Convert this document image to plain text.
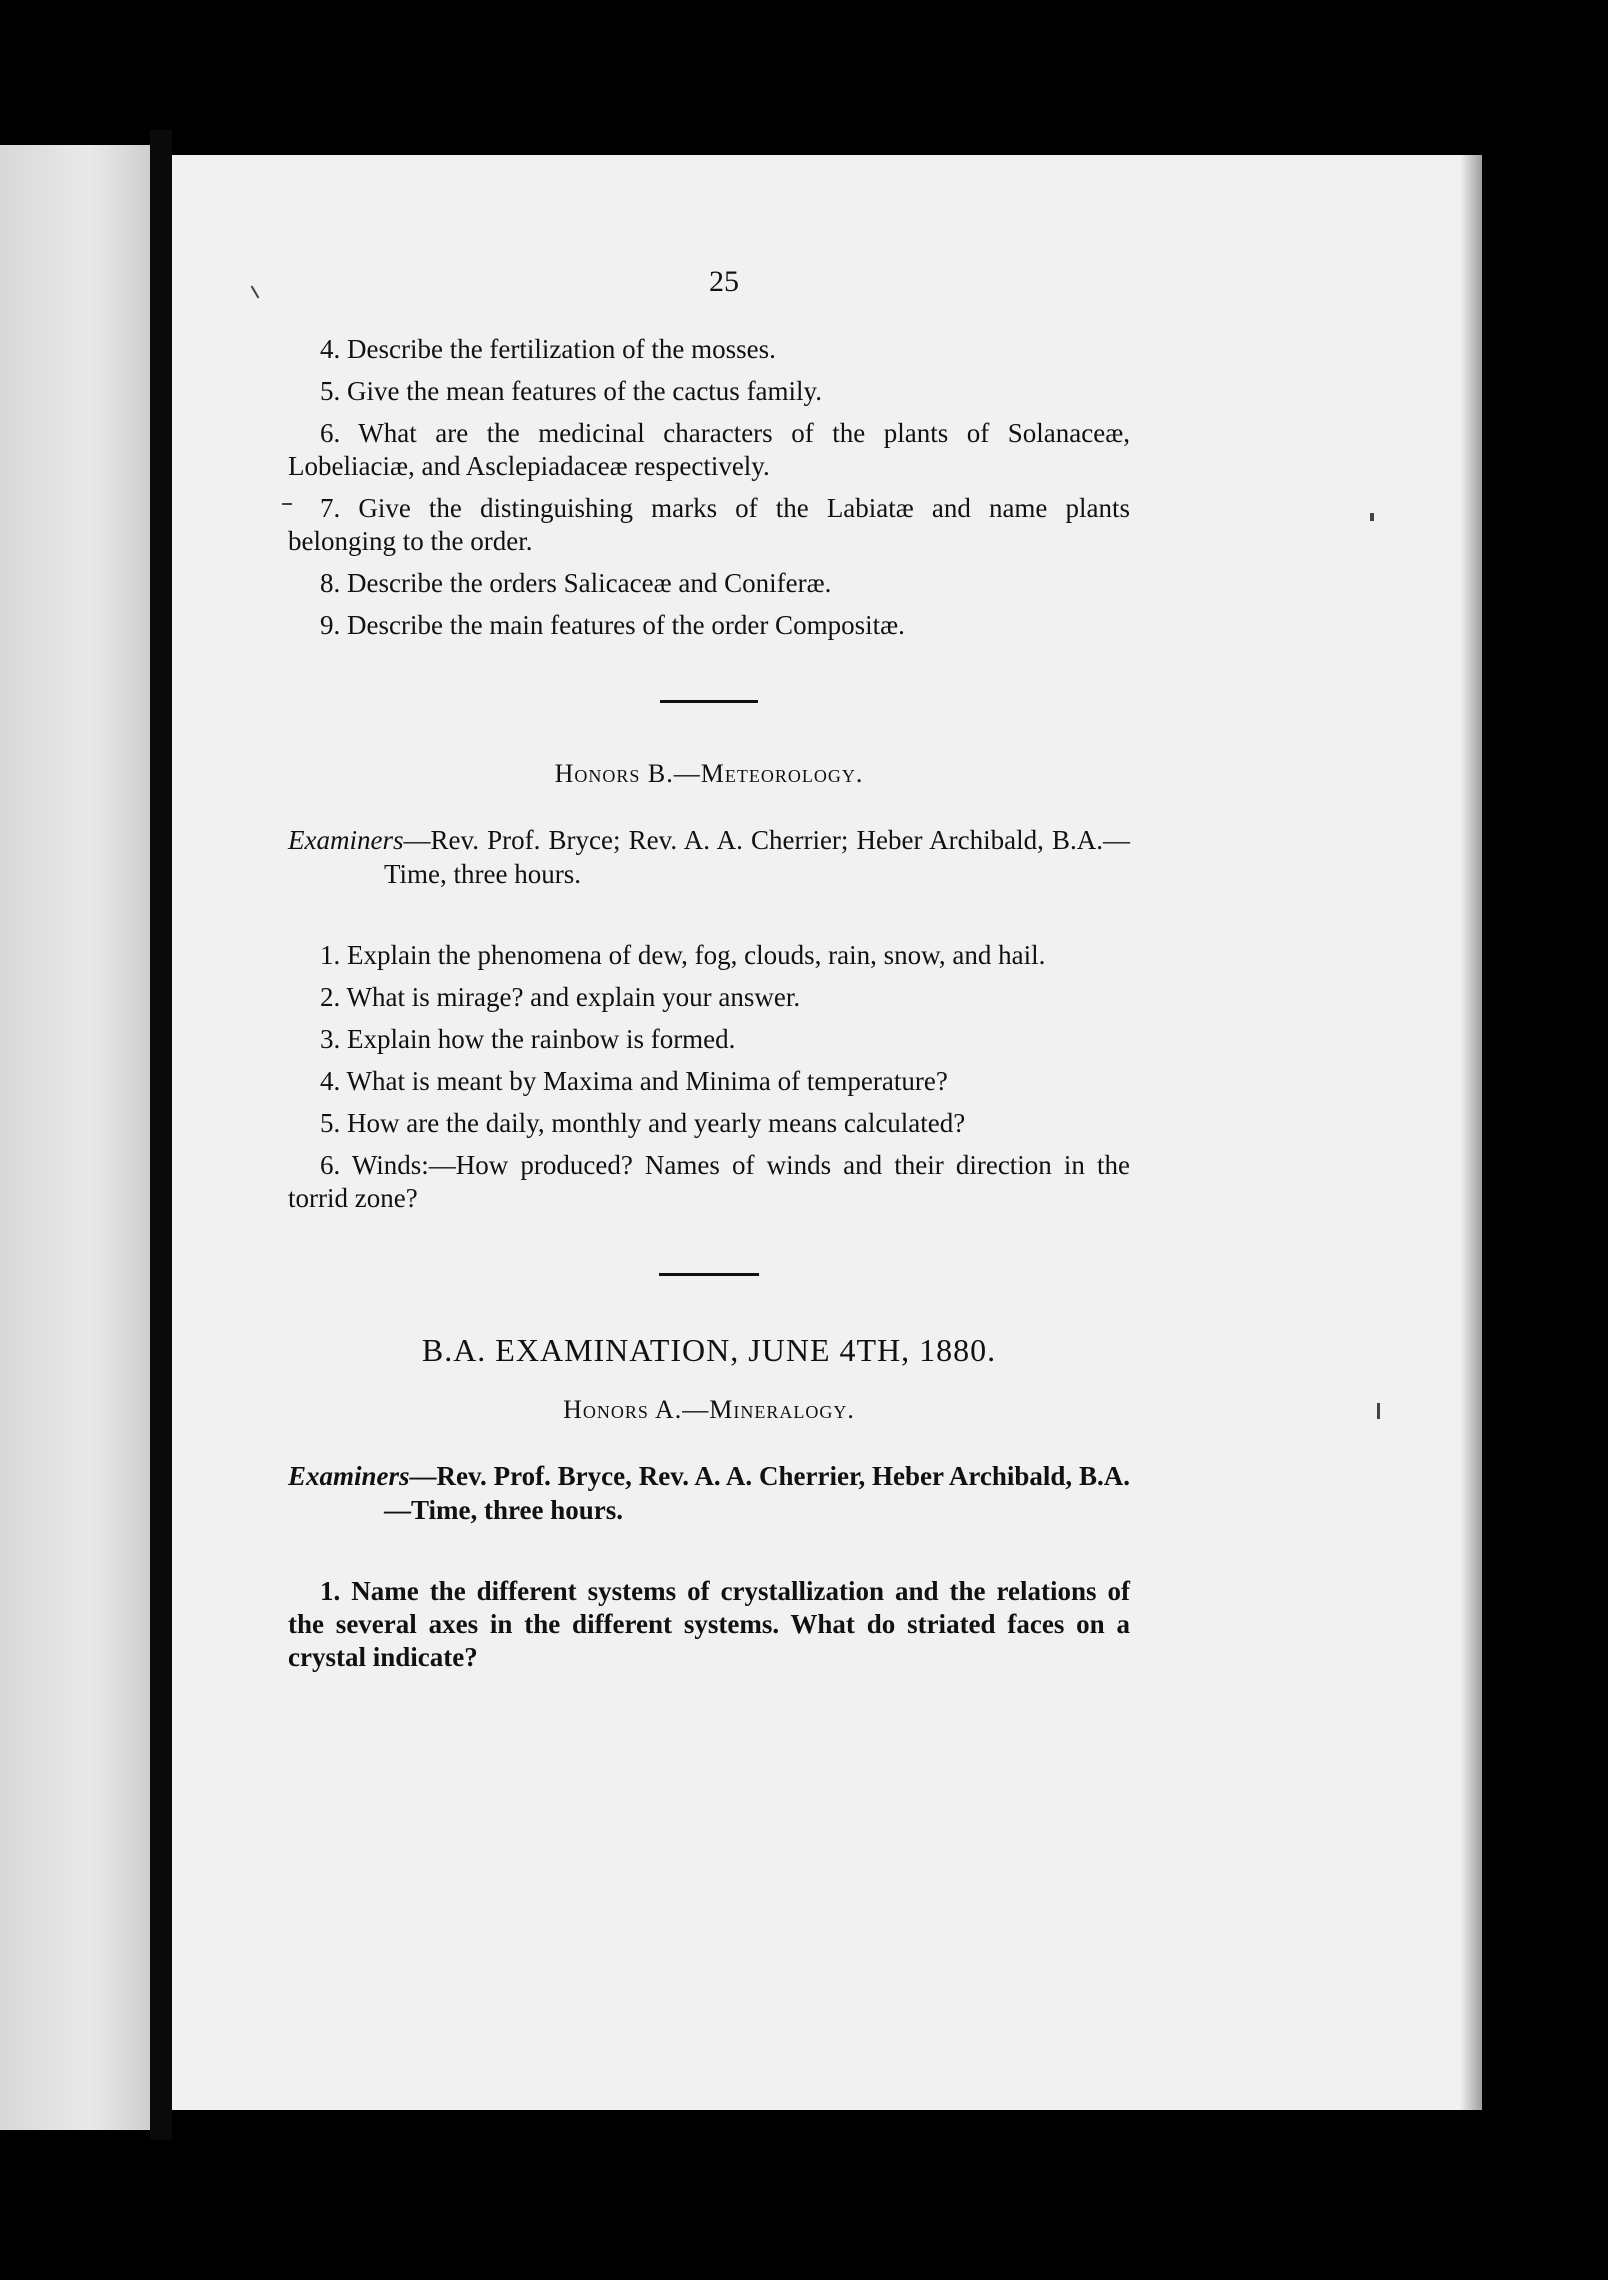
25

4. Describe the fertilization of the mosses.

5. Give the mean features of the cactus family.

6. What are the medicinal characters of the plants of Solanaceæ, Lobeliaciæ, and Asclepiadaceæ respectively.

7. Give the distinguishing marks of the Labiatæ and name plants belonging to the order.

8. Describe the orders Salicaceæ and Coniferæ.

9. Describe the main features of the order Compositæ.

Honors B.—Meteorology.

Examiners—Rev. Prof. Bryce; Rev. A. A. Cherrier; Heber Archibald, B.A.—Time, three hours.

1. Explain the phenomena of dew, fog, clouds, rain, snow, and hail.

2. What is mirage? and explain your answer.

3. Explain how the rainbow is formed.

4. What is meant by Maxima and Minima of temperature?

5. How are the daily, monthly and yearly means calculated?

6. Winds:—How produced? Names of winds and their direction in the torrid zone?

B.A. EXAMINATION, JUNE 4TH, 1880.
Honors A.—Mineralogy.

Examiners—Rev. Prof. Bryce, Rev. A. A. Cherrier, Heber Archibald, B.A.—Time, three hours.

1. Name the different systems of crystallization and the relations of the several axes in the different systems. What do striated faces on a crystal indicate?
